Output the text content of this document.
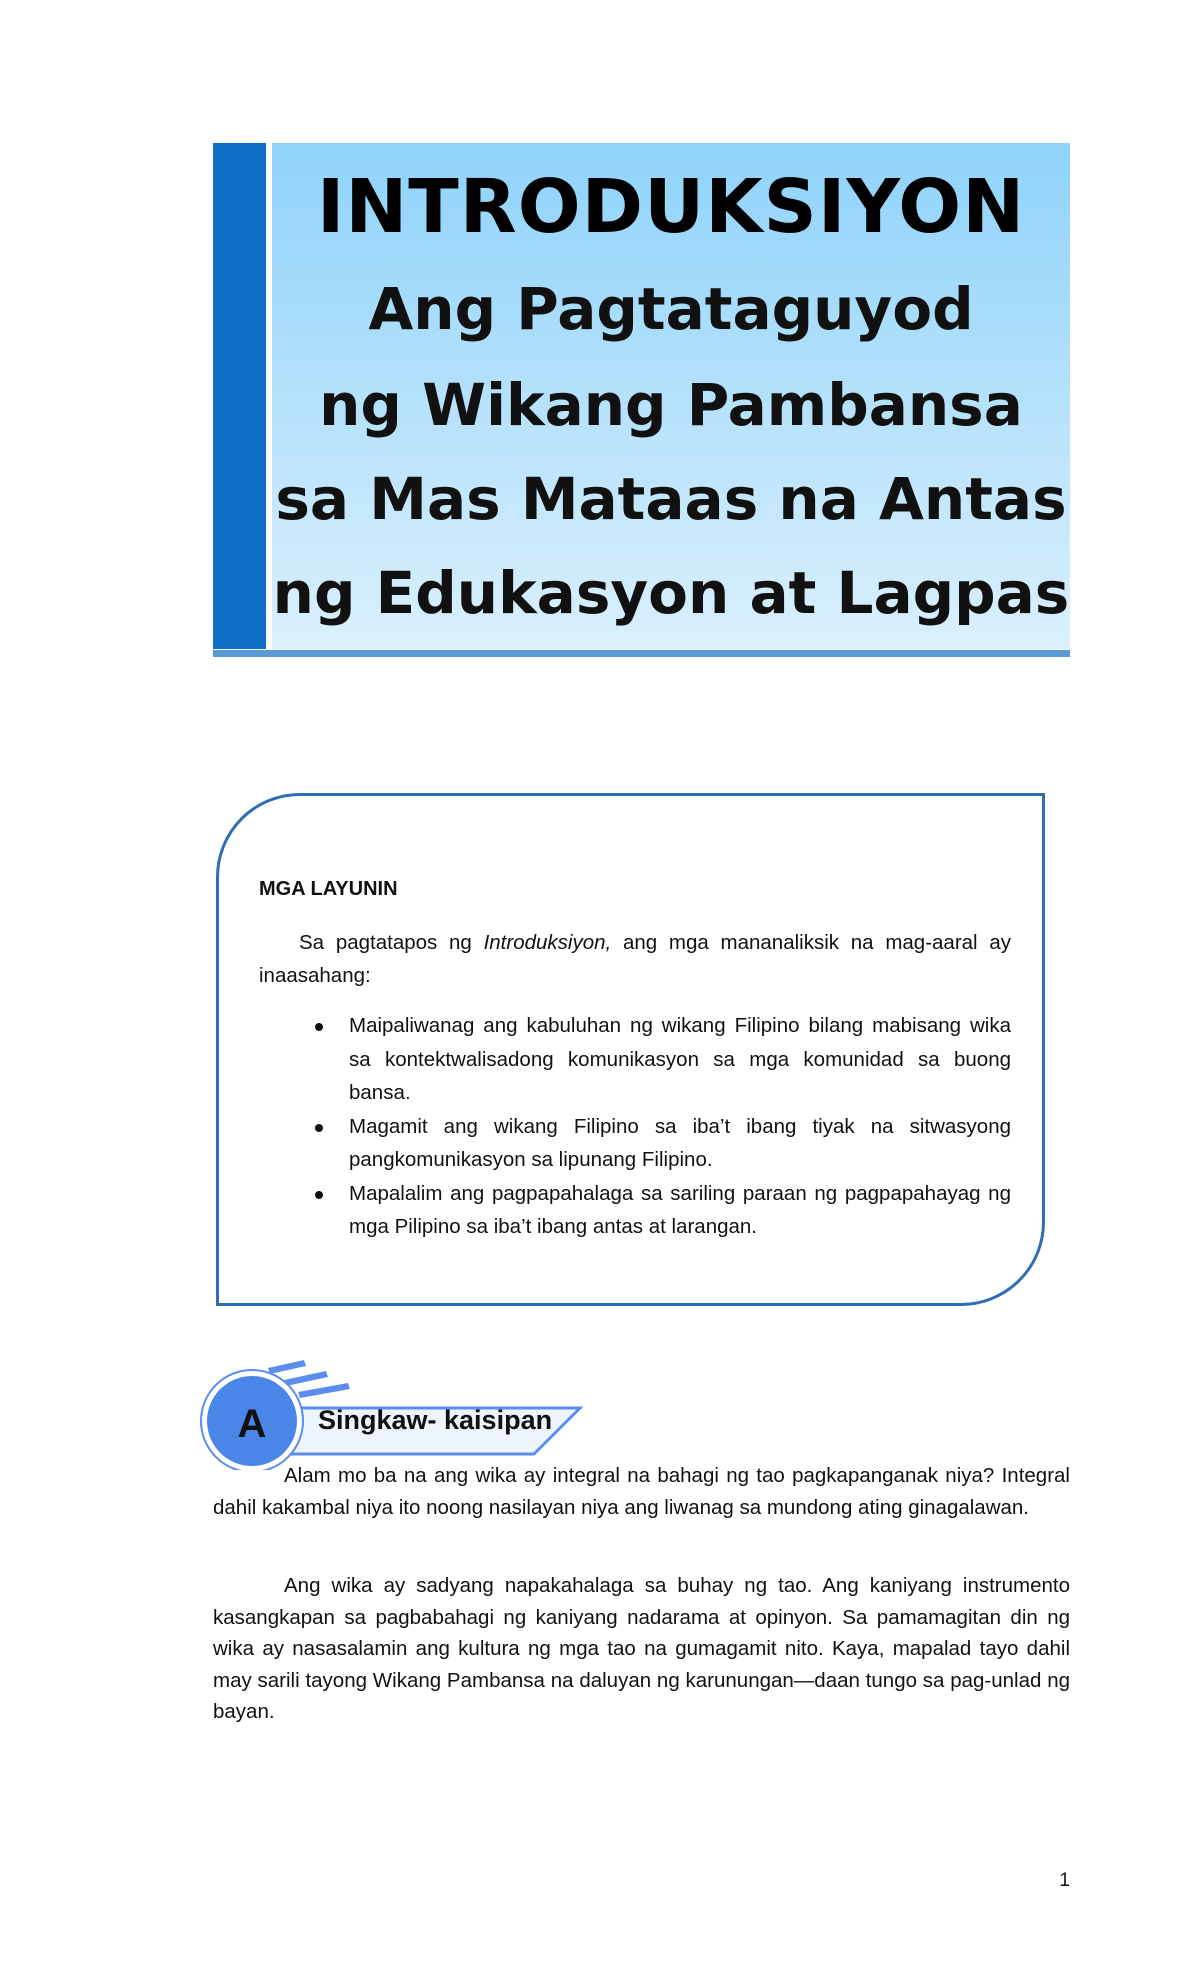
INTRODUKSIYON
Ang Pagtataguyod
ng Wikang Pambansa
sa Mas Mataas na Antas
ng Edukasyon at Lagpas
MGA LAYUNIN
Sa pagtatapos ng Introduksiyon, ang mga mananaliksik na mag-aaral ay inaasahang:
Maipaliwanag ang kabuluhan ng wikang Filipino bilang mabisang wika sa kontektwalisadong komunikasyon sa mga komunidad sa buong bansa.
Magamit ang wikang Filipino sa iba’t ibang tiyak na sitwasyong pangkomunikasyon sa lipunang Filipino.
Mapalalim ang pagpapahalaga sa sariling paraan ng pagpapahayag ng mga Pilipino sa iba’t ibang antas at larangan.
A	Singkaw- kaisipan

Alam mo ba na ang wika ay integral na bahagi ng tao pagkapanganak niya? Integral dahil kakambal niya ito noong nasilayan niya ang liwanag sa mundong ating ginagalawan.

Ang wika ay sadyang napakahalaga sa buhay ng tao. Ang kaniyang instrumento kasangkapan sa pagbabahagi ng kaniyang nadarama at opinyon. Sa pamamagitan din ng wika ay nasasalamin ang kultura ng mga tao na gumagamit nito. Kaya, mapalad tayo dahil may sarili tayong Wikang Pambansa na daluyan ng karunungan—daan tungo sa pag-unlad ng bayan.

1
